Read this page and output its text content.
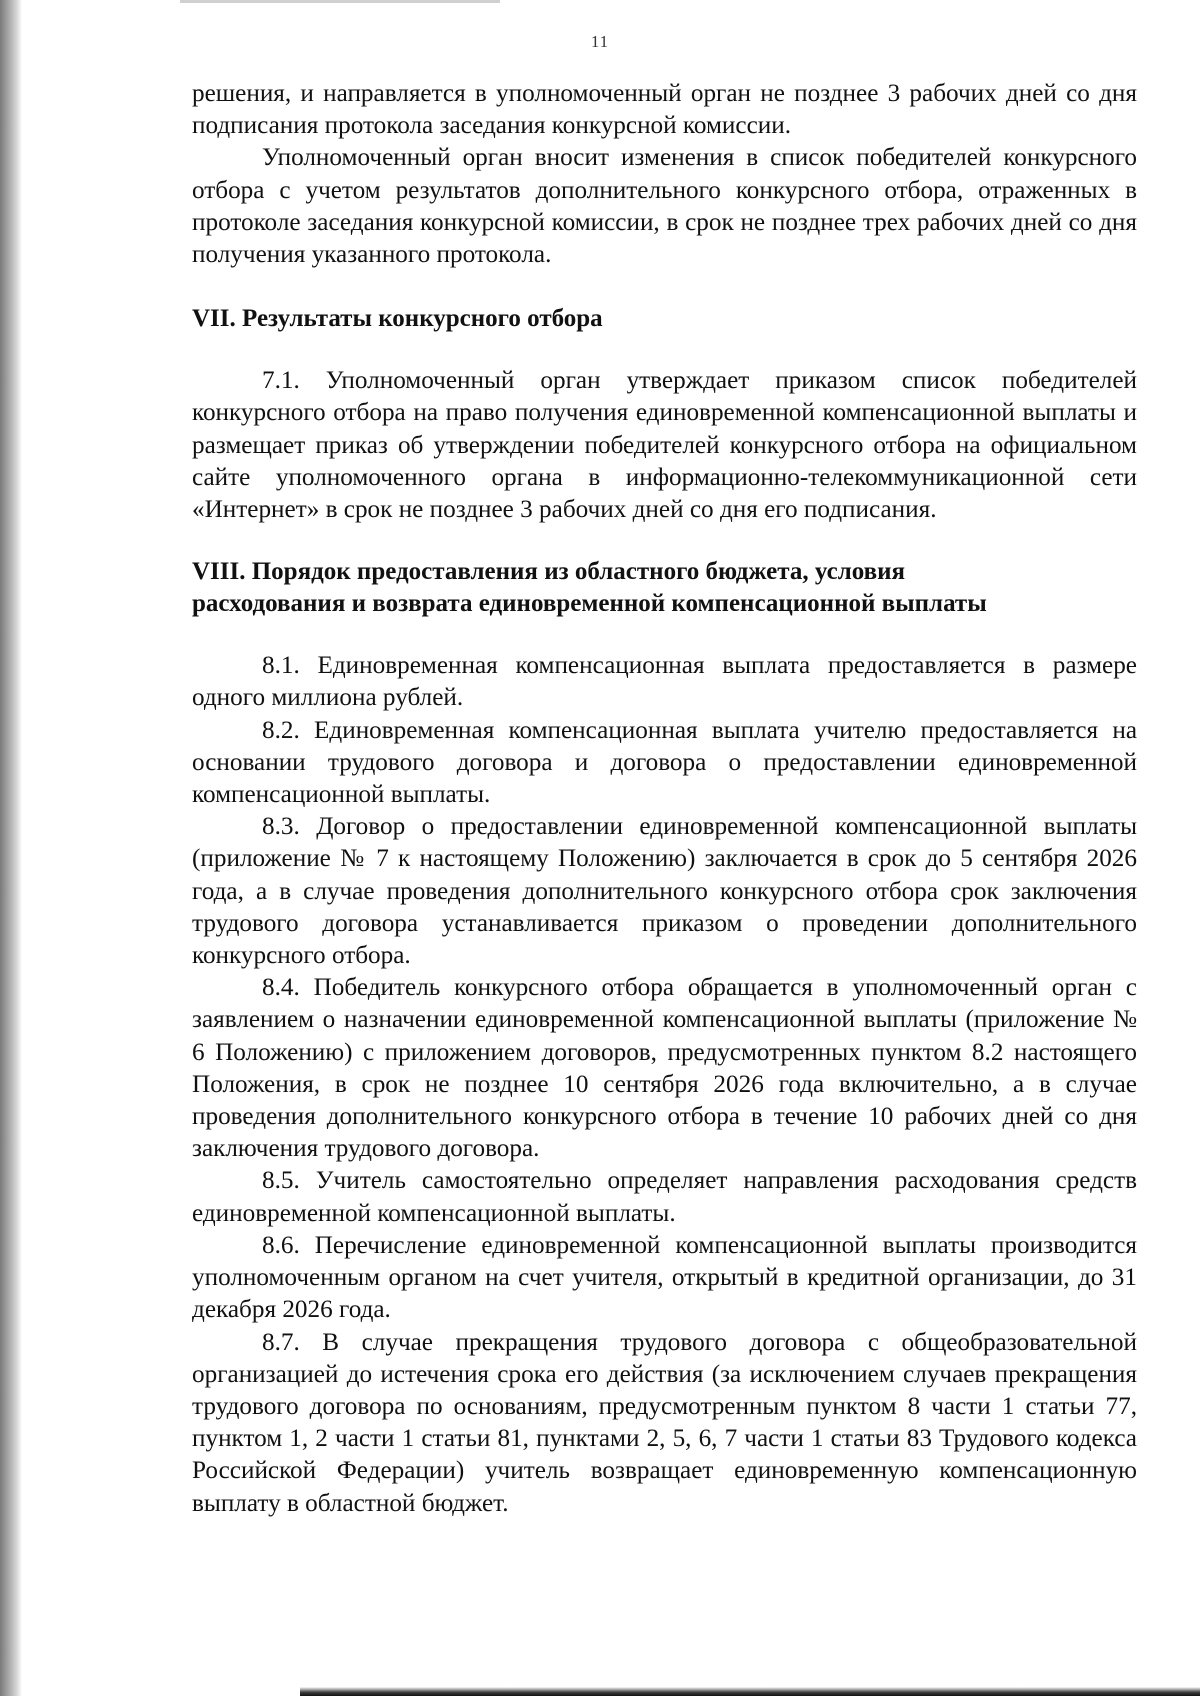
11

решения, и направляется в уполномоченный орган не позднее 3 рабочих дней со дня подписания протокола заседания конкурсной комиссии.

Уполномоченный орган вносит изменения в список победителей конкурсного отбора с учетом результатов дополнительного конкурсного отбора, отраженных в протоколе заседания конкурсной комиссии, в срок не позднее трех рабочих дней со дня получения указанного протокола.

VII. Результаты конкурсного отбора

7.1. Уполномоченный орган утверждает приказом список победителей конкурсного отбора на право получения единовременной компенсационной выплаты и размещает приказ об утверждении победителей конкурсного отбора на официальном сайте уполномоченного органа в информационно-телекоммуникационной сети «Интернет» в срок не позднее 3 рабочих дней со дня его подписания.

VIII. Порядок предоставления из областного бюджета, условия
расходования и возврата единовременной компенсационной выплаты

8.1. Единовременная компенсационная выплата предоставляется в размере одного миллиона рублей.

8.2. Единовременная компенсационная выплата учителю предоставляется на основании трудового договора и договора о предоставлении единовременной компенсационной выплаты.

8.3. Договор о предоставлении единовременной компенсационной выплаты (приложение № 7 к настоящему Положению) заключается в срок до 5 сентября 2026 года, а в случае проведения дополнительного конкурсного отбора срок заключения трудового договора устанавливается приказом о проведении дополнительного конкурсного отбора.

8.4. Победитель конкурсного отбора обращается в уполномоченный орган с заявлением о назначении единовременной компенсационной выплаты (приложение № 6 Положению) с приложением договоров, предусмотренных пунктом 8.2 настоящего Положения, в срок не позднее 10 сентября 2026 года включительно, а в случае проведения дополнительного конкурсного отбора в течение 10 рабочих дней со дня заключения трудового договора.

8.5. Учитель самостоятельно определяет направления расходования средств единовременной компенсационной выплаты.

8.6. Перечисление единовременной компенсационной выплаты производится уполномоченным органом на счет учителя, открытый в кредитной организации, до 31 декабря 2026 года.

8.7. В случае прекращения трудового договора с общеобразовательной организацией до истечения срока его действия (за исключением случаев прекращения трудового договора по основаниям, предусмотренным пунктом 8 части 1 статьи 77, пунктом 1, 2 части 1 статьи 81, пунктами 2, 5, 6, 7 части 1 статьи 83 Трудового кодекса Российской Федерации) учитель возвращает единовременную компенсационную выплату в областной бюджет.
